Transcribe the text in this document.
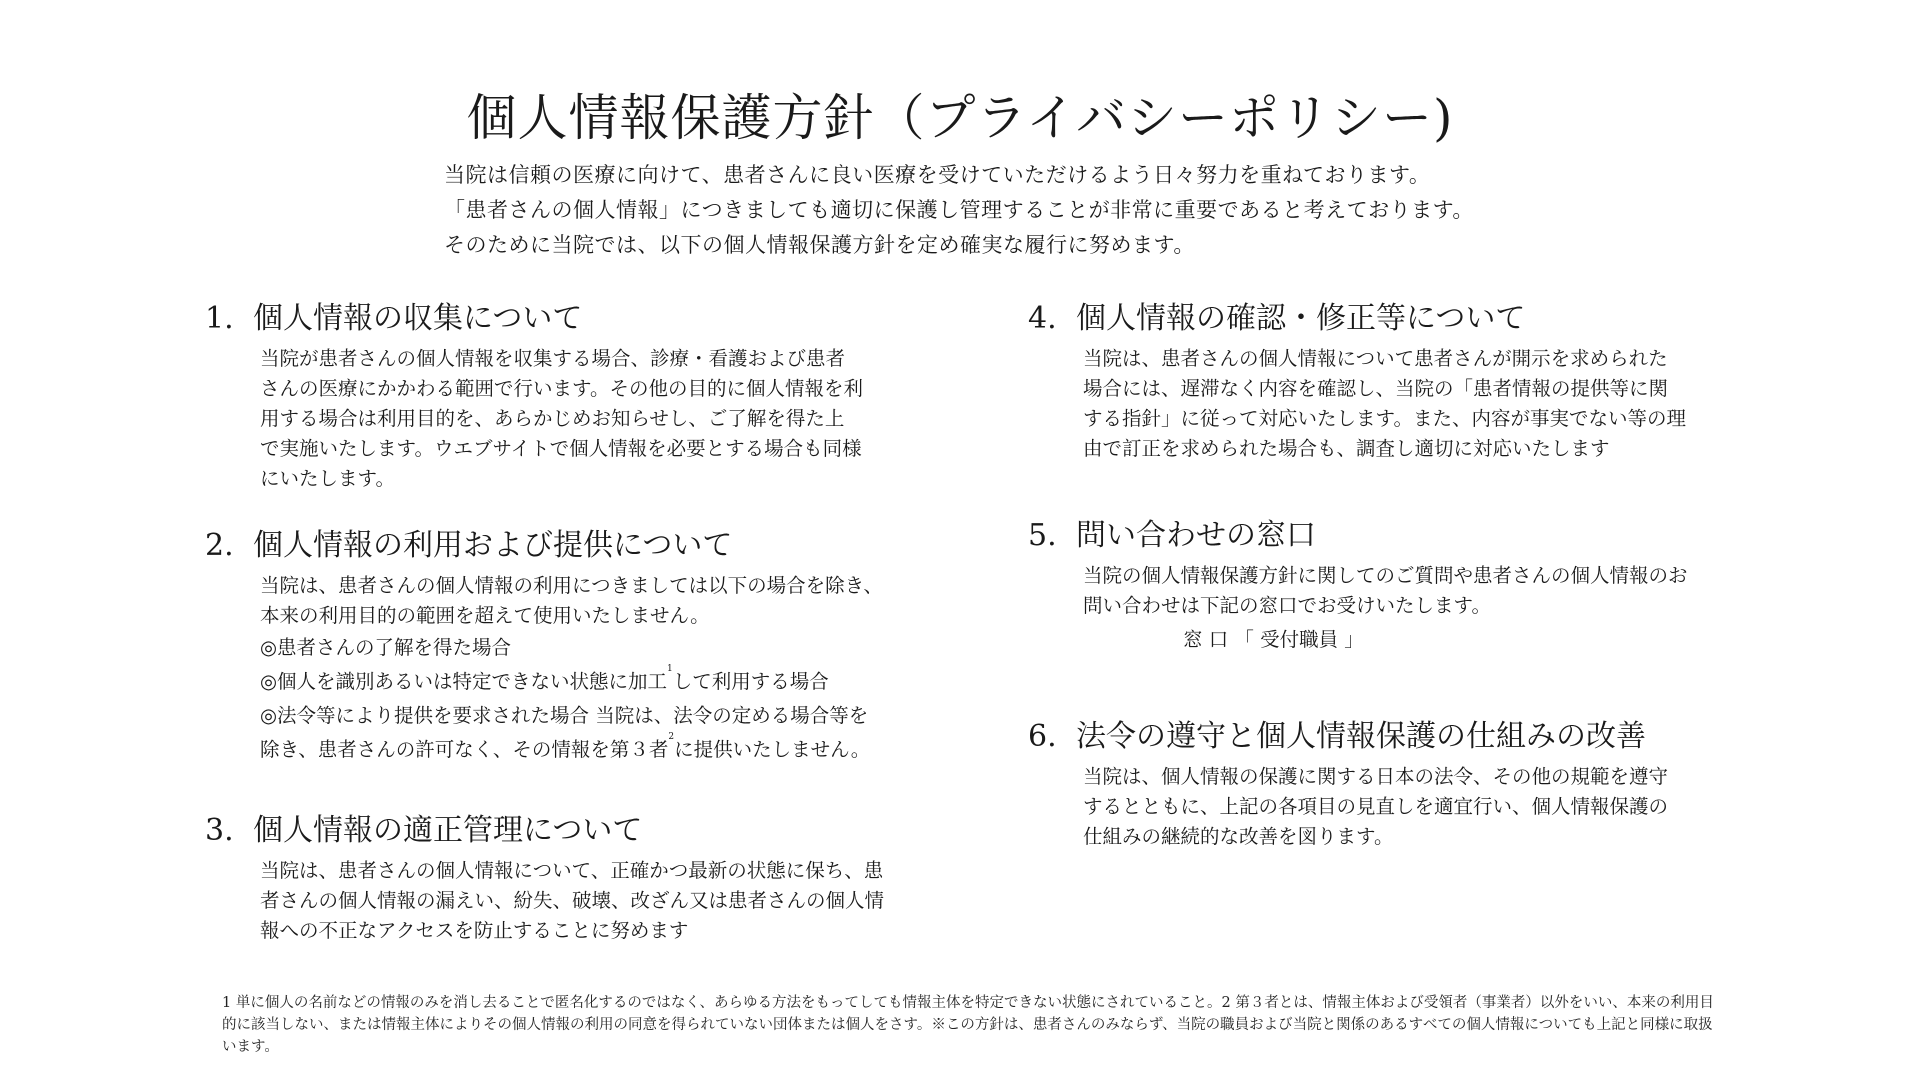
個人情報保護方針（プライバシーポリシー)
当院は信頼の医療に向けて、患者さんに良い医療を受けていただけるよう日々努力を重ねております。
「患者さんの個人情報」につきましても適切に保護し管理することが非常に重要であると考えております。
そのために当院では、以下の個人情報保護方針を定め確実な履行に努めます。
1. 個人情報の収集について
当院が患者さんの個人情報を収集する場合、診療・看護および患者
さんの医療にかかわる範囲で行います。その他の目的に個人情報を利
用する場合は利用目的を、あらかじめお知らせし、ご了解を得た上
で実施いたします。ウエブサイトで個人情報を必要とする場合も同様
にいたします。
2. 個人情報の利用および提供について
当院は、患者さんの個人情報の利用につきましては以下の場合を除き、
本来の利用目的の範囲を超えて使用いたしません。
◎患者さんの了解を得た場合
◎個人を識別あるいは特定できない状態に加工$^1$して利用する場合
◎法令等により提供を要求された場合 当院は、法令の定める場合等を
除き、患者さんの許可なく、その情報を第３者$^2$に提供いたしません。
3. 個人情報の適正管理について
当院は、患者さんの個人情報について、正確かつ最新の状態に保ち、患
者さんの個人情報の漏えい、紛失、破壊、改ざん又は患者さんの個人情
報への不正なアクセスを防止することに努めます
4. 個人情報の確認・修正等について
当院は、患者さんの個人情報について患者さんが開示を求められた
場合には、遅滞なく内容を確認し、当院の「患者情報の提供等に関
する指針」に従って対応いたします。また、内容が事実でない等の理
由で訂正を求められた場合も、調査し適切に対応いたします
5. 問い合わせの窓口
当院の個人情報保護方針に関してのご質問や患者さんの個人情報のお
問い合わせは下記の窓口でお受けいたします。
窓 口 「 受付職員 」
6. 法令の遵守と個人情報保護の仕組みの改善
当院は、個人情報の保護に関する日本の法令、その他の規範を遵守
するとともに、上記の各項目の見直しを適宜行い、個人情報保護の
仕組みの継続的な改善を図ります。
1 単に個人の名前などの情報のみを消し去ることで匿名化するのではなく、あらゆる方法をもってしても情報主体を特定できない状態にされていること。2 第３者とは、情報主体および受領者（事業者）以外をいい、本来の利用目的に該当しない、または情報主体によりその個人情報の利用の同意を得られていない団体または個人をさす。※この方針は、患者さんのみならず、当院の職員および当院と関係のあるすべての個人情報についても上記と同様に取扱います。
